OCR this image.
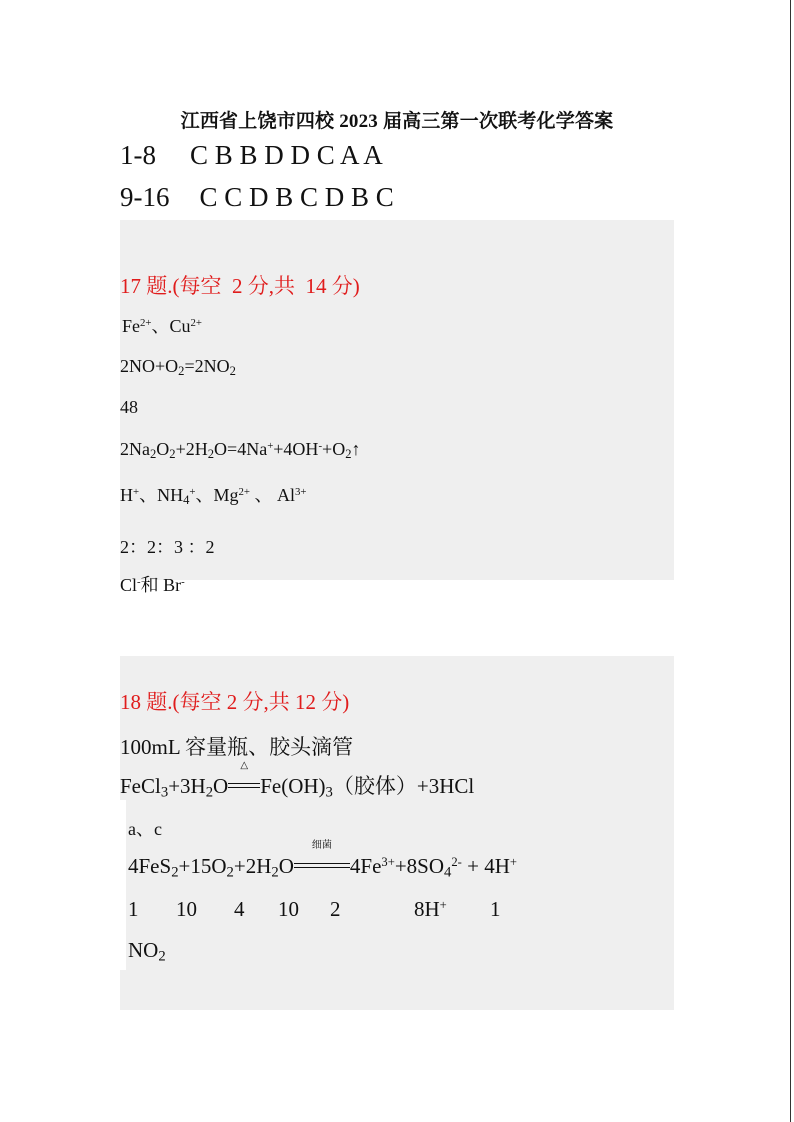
江西省上饶市四校 2023 届高三第一次联考化学答案
1-8 C B B D D C A A
9-16 C C D B C D B C
17 题.(每空  2 分,共  14 分)
$Fe^{2+}$、$Cu^{2+}$
$2NO+O_2=2NO_2$
48
$2Na_2O_2+2H_2O=4Na^++4OH^-+O_2↑$
H+、$NH_4^+$、$Mg^{2+}$ 、 $Al^{3+}$
2：2：3 ：2
Cl-和 Br-
18 题.(每空 2 分,共 12 分)
100mL 容量瓶、胶头滴管
$FeCl_3+3H_2O$
△
$Fe(OH)_3$（胶体）+3HCl
a、c
$4FeS_2+15O_2+2H_2O$
细菌
$4Fe^{3+}+8SO_4^{2-} + 4H^+$
1 10 4 10 2	8H+ 1
$NO_2$
